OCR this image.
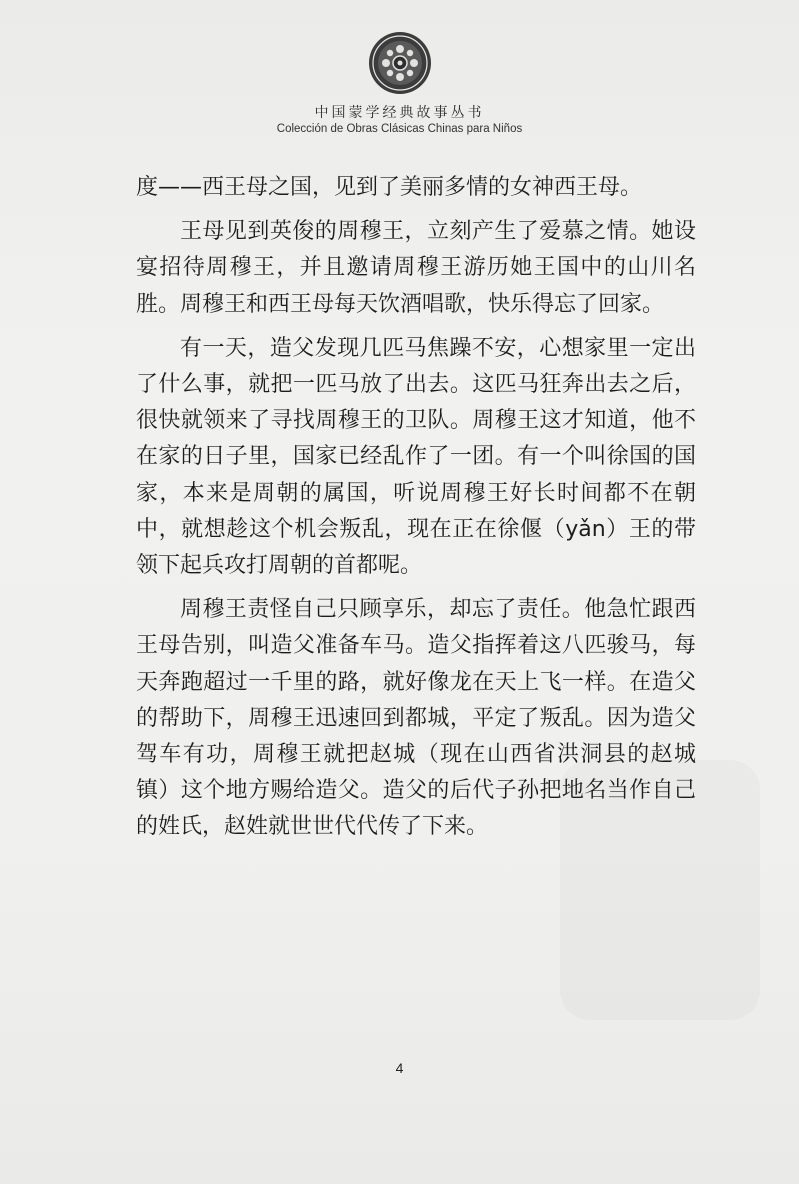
中国蒙学经典故事丛书
Colección de Obras Clásicas Chinas para Niños

度——西王母之国，见到了美丽多情的女神西王母。

王母见到英俊的周穆王，立刻产生了爱慕之情。她设宴招待周穆王，并且邀请周穆王游历她王国中的山川名胜。周穆王和西王母每天饮酒唱歌，快乐得忘了回家。

有一天，造父发现几匹马焦躁不安，心想家里一定出了什么事，就把一匹马放了出去。这匹马狂奔出去之后，很快就领来了寻找周穆王的卫队。周穆王这才知道，他不在家的日子里，国家已经乱作了一团。有一个叫徐国的国家，本来是周朝的属国，听说周穆王好长时间都不在朝中，就想趁这个机会叛乱，现在正在徐偃（yǎn）王的带领下起兵攻打周朝的首都呢。

周穆王责怪自己只顾享乐，却忘了责任。他急忙跟西王母告别，叫造父准备车马。造父指挥着这八匹骏马，每天奔跑超过一千里的路，就好像龙在天上飞一样。在造父的帮助下，周穆王迅速回到都城，平定了叛乱。因为造父驾车有功，周穆王就把赵城（现在山西省洪洞县的赵城镇）这个地方赐给造父。造父的后代子孙把地名当作自己的姓氏，赵姓就世世代代传了下来。

4
